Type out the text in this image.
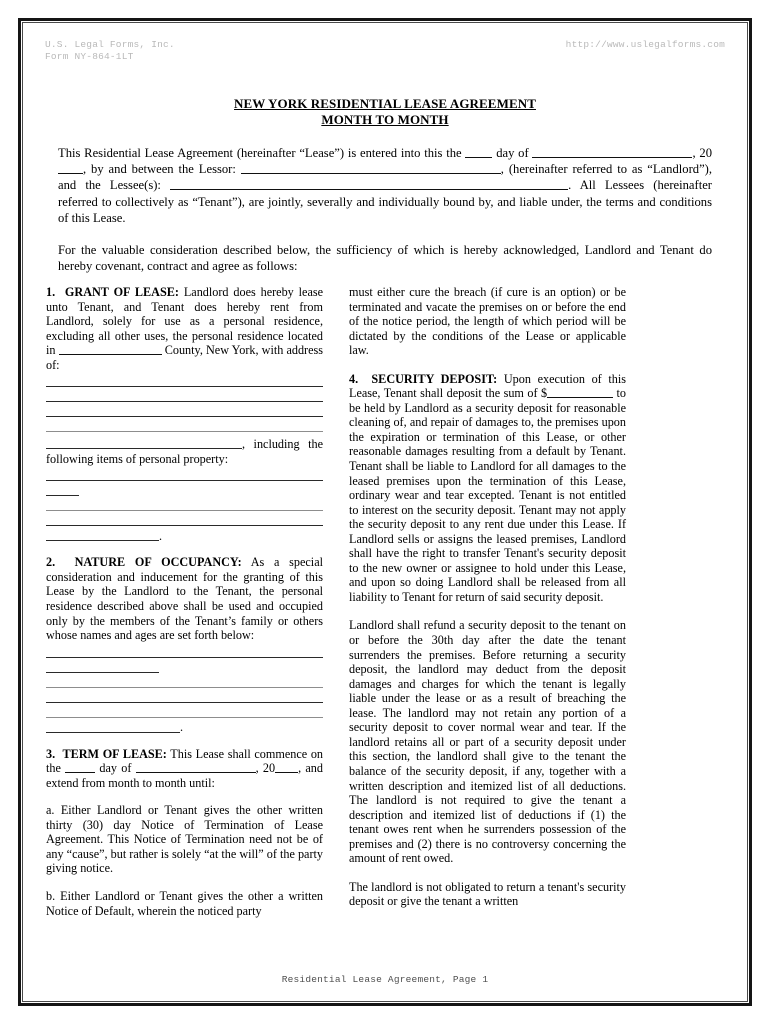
U.S. Legal Forms, Inc.
Form NY-864-1LT
http://www.uslegalforms.com
NEW YORK RESIDENTIAL LEASE AGREEMENT
MONTH TO MONTH

This Residential Lease Agreement (hereinafter “Lease”) is entered into this the  day of	, 20, by and between the Lessor:	, (hereinafter referred to as “Landlord”), and the Lessee(s):	. All Lessees (hereinafter referred to collectively as “Tenant”), are jointly, severally and individually bound by, and liable under, the terms and conditions of this Lease.

For the valuable consideration described below, the sufficiency of which is hereby acknowledged, Landlord and Tenant do hereby covenant, contract and agree as follows:

1. GRANT OF LEASE: Landlord does hereby lease unto Tenant, and Tenant does hereby rent from Landlord, solely for use as a personal residence, excluding all other uses, the personal residence located in	County, New York, with address of:

, including the following items of personal property:

.

2. NATURE OF OCCUPANCY: As a special consideration and inducement for the granting of this Lease by the Landlord to the Tenant, the personal residence described above shall be used and occupied only by the members of the Tenant’s family or others whose names and ages are set forth below:

.

3. TERM OF LEASE: This Lease shall commence on the  day of	, 20 , and extend from month to month until:

a. Either Landlord or Tenant gives the other written thirty (30) day Notice of Termination of Lease Agreement. This Notice of Termination need not be of any “cause”, but rather is solely “at the will” of the party giving notice.

b. Either Landlord or Tenant gives the other a written Notice of Default, wherein the noticed party

must either cure the breach (if cure is an option) or be terminated and vacate the premises on or before the end of the notice period, the length of which period will be dictated by the conditions of the Lease or applicable law.

4. SECURITY DEPOSIT: Upon execution of this Lease, Tenant shall deposit the sum of $	to be held by Landlord as a security deposit for reasonable cleaning of, and repair of damages to, the premises upon the expiration or termination of this Lease, or other reasonable damages resulting from a default by Tenant. Tenant shall be liable to Landlord for all damages to the leased premises upon the termination of this Lease, ordinary wear and tear excepted. Tenant is not entitled to interest on the security deposit. Tenant may not apply the security deposit to any rent due under this Lease. If Landlord sells or assigns the leased premises, Landlord shall have the right to transfer Tenant's security deposit to the new owner or assignee to hold under this Lease, and upon so doing Landlord shall be released from all liability to Tenant for return of said security deposit.

Landlord shall refund a security deposit to the tenant on or before the 30th day after the date the tenant surrenders the premises. Before returning a security deposit, the landlord may deduct from the deposit damages and charges for which the tenant is legally liable under the lease or as a result of breaching the lease. The landlord may not retain any portion of a security deposit to cover normal wear and tear. If the landlord retains all or part of a security deposit under this section, the landlord shall give to the tenant the balance of the security deposit, if any, together with a written description and itemized list of all deductions. The landlord is not required to give the tenant a description and itemized list of deductions if (1) the tenant owes rent when he surrenders possession of the premises and (2) there is no controversy concerning the amount of rent owed.

The landlord is not obligated to return a tenant's security deposit or give the tenant a written

Residential Lease Agreement, Page 1
